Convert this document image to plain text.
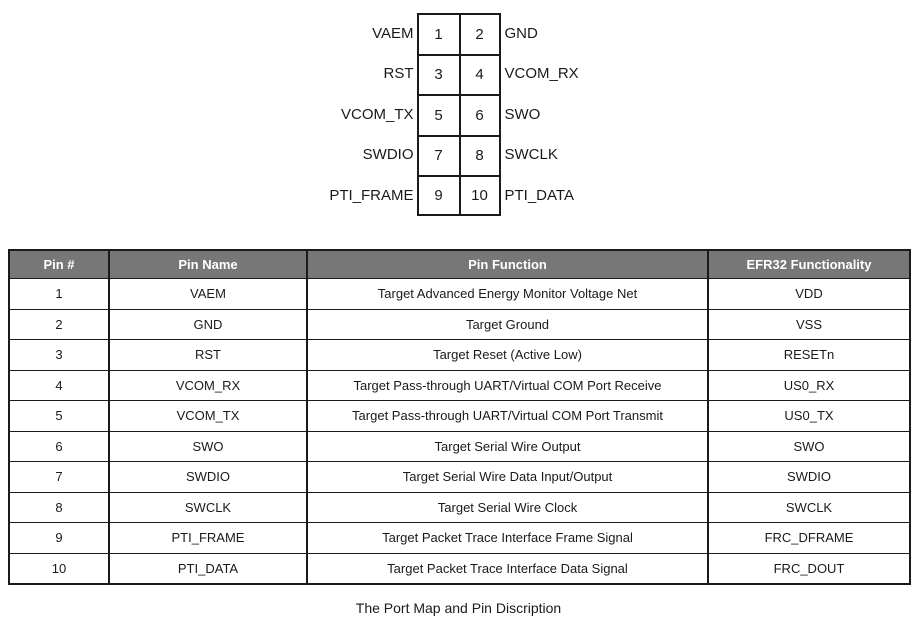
VAEM	1	2	GND
RST	3	4	VCOM_RX
VCOM_TX	5	6	SWO
SWDIO	7	8	SWCLK
PTI_FRAME	9	10	PTI_DATA
Pin #	Pin Name	Pin Function	EFR32 Functionality
1	VAEM	Target Advanced Energy Monitor Voltage Net	VDD
2	GND	Target Ground	VSS
3	RST	Target Reset (Active Low)	RESETn
4	VCOM_RX	Target Pass-through UART/Virtual COM Port Receive	US0_RX
5	VCOM_TX	Target Pass-through UART/Virtual COM Port Transmit	US0_TX
6	SWO	Target Serial Wire Output	SWO
7	SWDIO	Target Serial Wire Data Input/Output	SWDIO
8	SWCLK	Target Serial Wire Clock	SWCLK
9	PTI_FRAME	Target Packet Trace Interface Frame Signal	FRC_DFRAME
10	PTI_DATA	Target Packet Trace Interface Data Signal	FRC_DOUT
The Port Map and Pin Discription
